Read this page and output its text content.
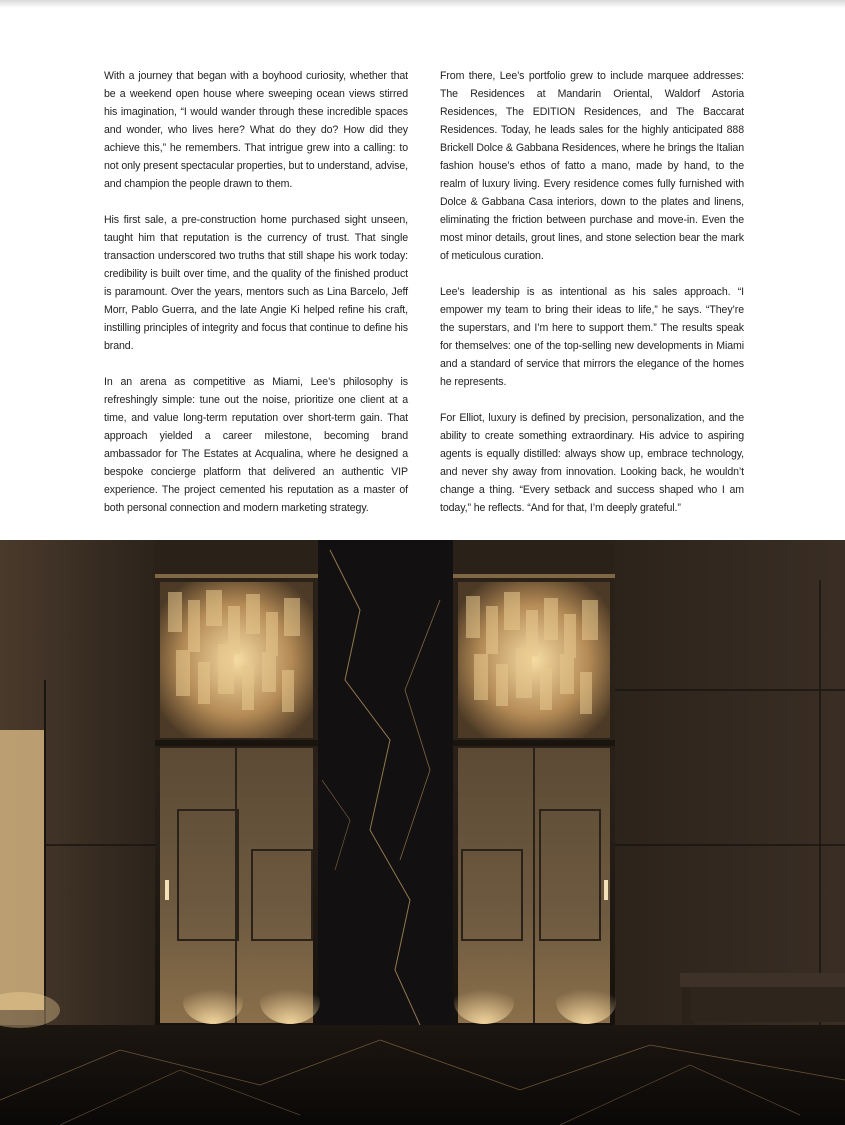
With a journey that began with a boyhood curiosity, whether that be a weekend open house where sweeping ocean views stirred his imagination, “I would wander through these incredible spaces and wonder, who lives here? What do they do? How did they achieve this,” he remembers. That intrigue grew into a calling: to not only present spectacular properties, but to understand, advise, and champion the people drawn to them.

His first sale, a pre-construction home purchased sight unseen, taught him that reputation is the currency of trust. That single transaction underscored two truths that still shape his work today: credibility is built over time, and the quality of the finished product is paramount. Over the years, mentors such as Lina Barcelo, Jeff Morr, Pablo Guerra, and the late Angie Ki helped refine his craft, instilling principles of integrity and focus that continue to define his brand.

In an arena as competitive as Miami, Lee’s philosophy is refreshingly simple: tune out the noise, prioritize one client at a time, and value long-term reputation over short-term gain. That approach yielded a career milestone, becoming brand ambassador for The Estates at Acqualina, where he designed a bespoke concierge platform that delivered an authentic VIP experience. The project cemented his reputation as a master of both personal connection and modern marketing strategy.

From there, Lee’s portfolio grew to include marquee addresses: The Residences at Mandarin Oriental, Waldorf Astoria Residences, The EDITION Residences, and The Baccarat Residences. Today, he leads sales for the highly anticipated 888 Brickell Dolce & Gabbana Residences, where he brings the Italian fashion house’s ethos of fatto a mano, made by hand, to the realm of luxury living. Every residence comes fully furnished with Dolce & Gabbana Casa interiors, down to the plates and linens, eliminating the friction between purchase and move-in. Even the most minor details, grout lines, and stone selection bear the mark of meticulous curation.

Lee’s leadership is as intentional as his sales approach. “I empower my team to bring their ideas to life,” he says. “They’re the superstars, and I’m here to support them.” The results speak for themselves: one of the top-selling new developments in Miami and a standard of service that mirrors the elegance of the homes he represents.

For Elliot, luxury is defined by precision, personalization, and the ability to create something extraordinary. His advice to aspiring agents is equally distilled: always show up, embrace technology, and never shy away from innovation. Looking back, he wouldn’t change a thing. “Every setback and success shaped who I am today,” he reflects. “And for that, I’m deeply grateful.”
